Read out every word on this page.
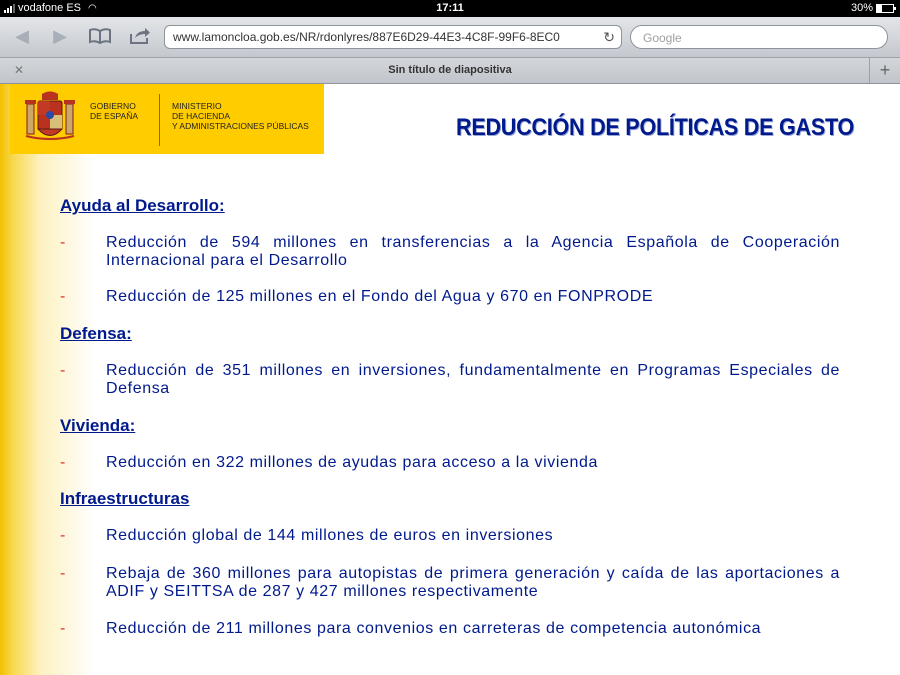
vodafone ES ◠	17:11	30%
◀ ▶	www.lamoncloa.gob.es/NR/rdonlyres/887E6D29-44E3-4C8F-99F6-8EC0	↻	Google
✕	Sin título de diapositiva	+
GOBIERNO
DE ESPAÑA
MINISTERIO
DE HACIENDA
Y ADMINISTRACIONES PÚBLICAS	REDUCCIÓN DE POLÍTICAS DE GASTO
Ayuda al Desarrollo:
-	Reducción de 594 millones en transferencias a la Agencia Española de Cooperación Internacional para el Desarrollo
-	Reducción de 125 millones en el Fondo del Agua y 670 en FONPRODE
Defensa:
-	Reducción de 351 millones en inversiones, fundamentalmente en Programas Especiales de Defensa
Vivienda:
-	Reducción en 322 millones de ayudas para acceso a la vivienda
Infraestructuras
-	Reducción global de 144 millones de euros en inversiones
-	Rebaja de 360 millones para autopistas de primera generación y caída de las aportaciones a ADIF y SEITTSA de 287 y 427 millones respectivamente
-	Reducción de 211 millones para convenios en carreteras de competencia autonómica
